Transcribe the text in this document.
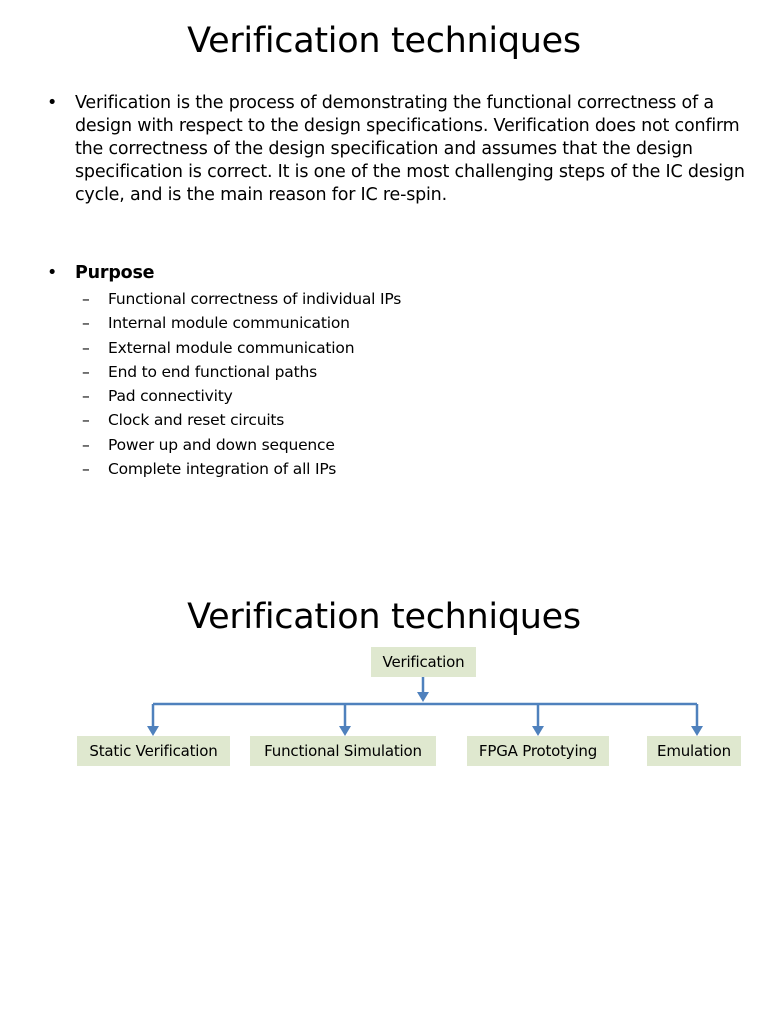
Verification techniques
• Verification is the process of demonstrating the functional correctness of a design with respect to the design specifications. Verification does not confirm the correctness of the design specification and assumes that the design specification is correct. It is one of the most challenging steps of the IC design cycle, and is the main reason for IC re-spin.
• Purpose
– Functional correctness of individual IPs
– Internal module communication
– External module communication
– End to end functional paths
– Pad connectivity
– Clock and reset circuits
– Power up and down sequence
– Complete integration of all IPs
Verification techniques
Verification
Static Verification	Functional Simulation	FPGA Prototying	Emulation
